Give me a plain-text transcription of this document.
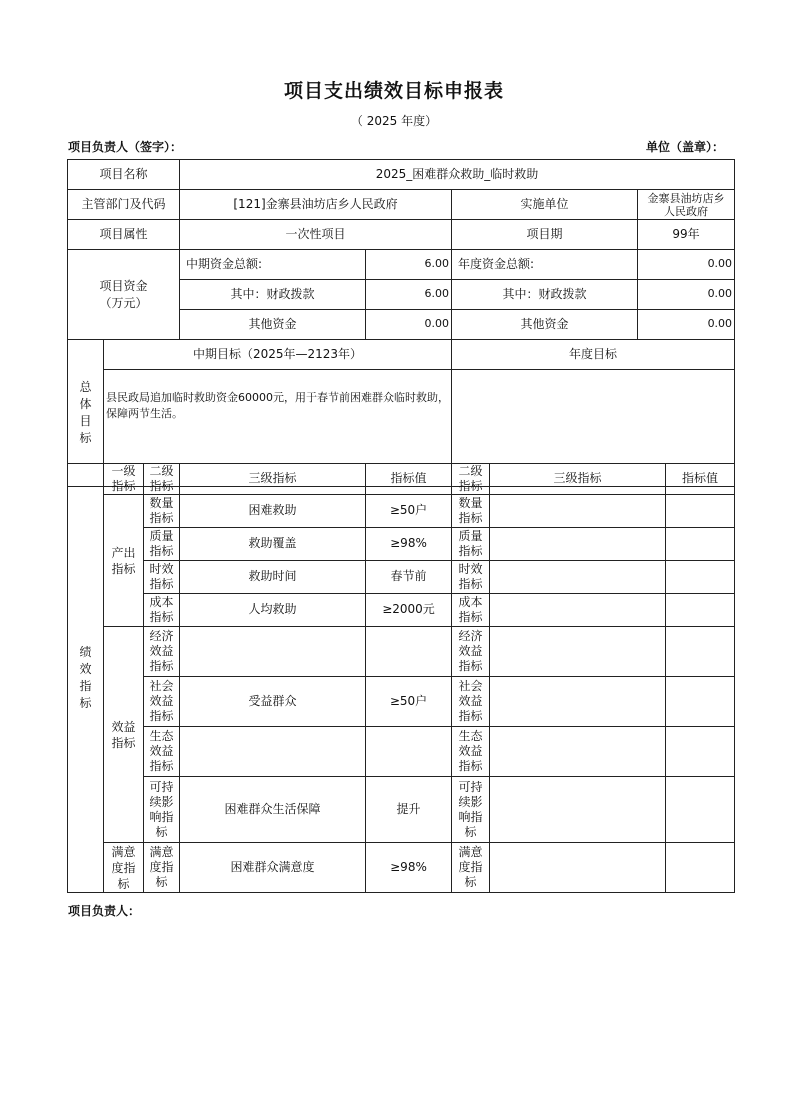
项目支出绩效目标申报表
（ 2025 年度）
项目负责人（签字）：	单位（盖章）：
项目名称		2025_困难群众救助_临时救助			
主管部门及代码		[121]金寨县油坊店乡人民政府		实施单位	金寨县油坊店乡人民政府
项目属性		一次性项目		项目期	99年

项目资金（万元）		中期资金总额:	6.00	年度资金总额:	0.00
		其中：财政拨款	6.00	其中：财政拨款	0.00
		其他资金	0.00	其他资金	0.00

总体目标	中期目标（2025年—2123年）			年度目标	
	县民政局追加临时救助资金60000元，用于春节前困难群众临时救助，保障两节生活。				
绩效指标	一级指标	二级指标	三级指标	指标值	二级指标	三级指标	指标值

	产出指标	数量指标	困难救助	≥50户	数量指标		

		质量指标	救助覆盖	≥98%	质量指标		

		时效指标	救助时间	春节前	时效指标		

		成本指标	人均救助	≥2000元	成本指标		

	效益指标	经济效益指标			经济效益指标		

		社会效益指标	受益群众	≥50户	社会效益指标		

		生态效益指标			生态效益指标		

		可持续影响指标	困难群众生活保障	提升	可持续影响指标		

	满意度指标	满意度指标	困难群众满意度	≥98%	满意度指标		

项目负责人：
